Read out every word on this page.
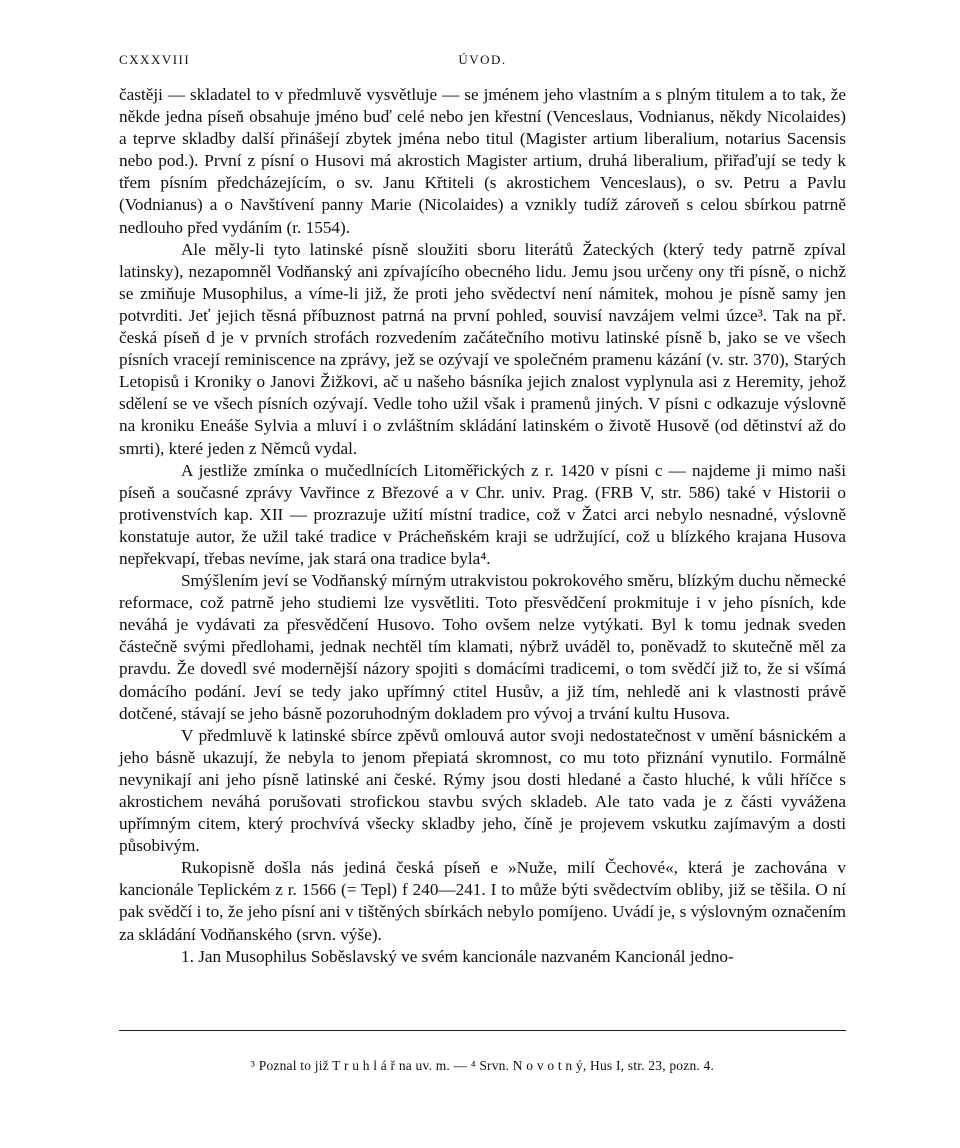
CXXXVIII	ÚVOD.

častěji — skladatel to v předmluvě vysvětluje — se jménem jeho vlastním a s plným titulem a to tak, že někde jedna píseň obsahuje jméno buď celé nebo jen křestní (Venceslaus, Vodnianus, někdy Nicolaides) a teprve skladby další přinášejí zbytek jména nebo titul (Magister artium liberalium, notarius Sacensis nebo pod.). První z písní o Husovi má akrostich Magister artium, druhá liberalium, přiřaďují se tedy k třem písním předcházejícím, o sv. Janu Křtiteli (s akrostichem Venceslaus), o sv. Petru a Pavlu (Vodnianus) a o Navštívení panny Marie (Nicolaides) a vznikly tudíž zároveň s celou sbírkou patrně nedlouho před vydáním (r. 1554).

Ale měly-li tyto latinské písně sloužiti sboru literátů Žateckých (který tedy patrně zpíval latinsky), nezapomněl Vodňanský ani zpívajícího obecného lidu. Jemu jsou určeny ony tři písně, o nichž se zmiňuje Musophilus, a víme-li již, že proti jeho svědectví není námitek, mohou je písně samy jen potvrditi. Jeť jejich těsná příbuznost patrná na první pohled, souvisí navzájem velmi úzce³. Tak na př. česká píseň d je v prvních strofách rozvedením začátečního motivu latinské písně b, jako se ve všech písních vracejí reminiscence na zprávy, jež se ozývají ve společném pramenu kázání (v. str. 370), Starých Letopisů i Kroniky o Janovi Žižkovi, ač u našeho básníka jejich znalost vyplynula asi z Heremity, jehož sdělení se ve všech písních ozývají. Vedle toho užil však i pramenů jiných. V písni c odkazuje výslovně na kroniku Eneáše Sylvia a mluví i o zvláštním skládání latinském o životě Husově (od dětinství až do smrti), které jeden z Němců vydal.

A jestliže zmínka o mučedlnících Litoměřických z r. 1420 v písni c — najdeme ji mimo naši píseň a současné zprávy Vavřince z Březové a v Chr. univ. Prag. (FRB V, str. 586) také v Historii o protivenstvích kap. XII — prozrazuje užití místní tradice, což v Žatci arci nebylo nesnadné, výslovně konstatuje autor, že užil také tradice v Prácheňském kraji se udržující, což u blízkého krajana Husova nepřekvapí, třebas nevíme, jak stará ona tradice byla⁴.

Smýšlením jeví se Vodňanský mírným utrakvistou pokrokového směru, blízkým duchu německé reformace, což patrně jeho studiemi lze vysvětliti. Toto přesvědčení prokmituje i v jeho písních, kde neváhá je vydávati za přesvědčení Husovo. Toho ovšem nelze vytýkati. Byl k tomu jednak sveden částečně svými předlohami, jednak nechtěl tím klamati, nýbrž uváděl to, poněvadž to skutečně měl za pravdu. Že dovedl své modernější názory spojiti s domácími tradicemi, o tom svědčí již to, že si všímá domácího podání. Jeví se tedy jako upřímný ctitel Husův, a již tím, nehledě ani k vlastnosti právě dotčené, stávají se jeho básně pozoruhodným dokladem pro vývoj a trvání kultu Husova.

V předmluvě k latinské sbírce zpěvů omlouvá autor svoji nedostatečnost v umění básnickém a jeho básně ukazují, že nebyla to jenom přepiatá skromnost, co mu toto přiznání vynutilo. Formálně nevynikají ani jeho písně latinské ani české. Rýmy jsou dosti hledané a často hluché, k vůli hříčce s akrostichem neváhá porušovati strofickou stavbu svých skladeb. Ale tato vada je z části vyvážena upřímným citem, který prochvívá všecky skladby jeho, číně je projevem vskutku zajímavým a dosti působivým.

Rukopisně došla nás jediná česká píseň e »Nuže, milí Čechové«, která je zachována v kancionále Teplickém z r. 1566 (= Tepl) f 240—241. I to může býti svědectvím obliby, již se těšila. O ní pak svědčí i to, že jeho písní ani v tištěných sbírkách nebylo pomíjeno. Uvádí je, s výslovným označením za skládání Vodňanského (srvn. výše).

1. Jan Musophilus Soběslavský ve svém kancionále nazvaném Kancionál jedno-

³ Poznal to již T r u h l á ř na uv. m. — ⁴ Srvn. N o v o t n ý, Hus I, str. 23, pozn. 4.
